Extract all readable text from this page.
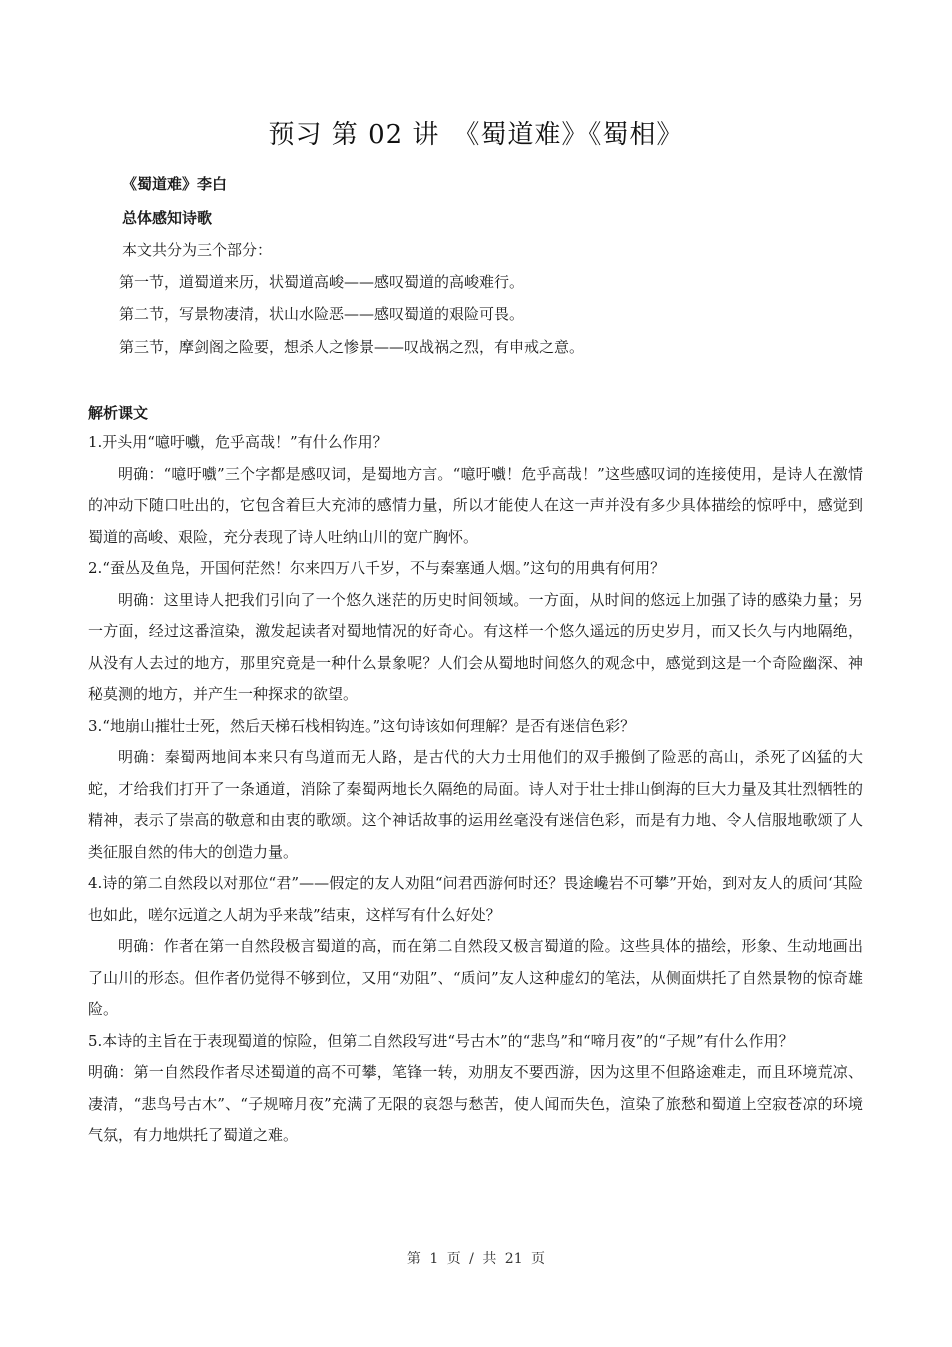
预习 第 02 讲　《蜀道难》《蜀相》
《蜀道难》李白
总体感知诗歌
本文共分为三个部分：
第一节，道蜀道来历，状蜀道高峻——感叹蜀道的高峻难行。
第二节，写景物凄清，状山水险恶——感叹蜀道的艰险可畏。
第三节，摩剑阁之险要，想杀人之惨景——叹战祸之烈，有申戒之意。
解析课文

1.开头用“噫吁嚱，危乎高哉！”有什么作用？

明确：“噫吁嚱”三个字都是感叹词，是蜀地方言。“噫吁嚱！危乎高哉！”这些感叹词的连接使用，是诗人在激情的冲动下随口吐出的，它包含着巨大充沛的感情力量，所以才能使人在这一声并没有多少具体描绘的惊呼中，感觉到蜀道的高峻、艰险，充分表现了诗人吐纳山川的宽广胸怀。

2.“蚕丛及鱼凫，开国何茫然！尔来四万八千岁，不与秦塞通人烟。”这句的用典有何用？

明确：这里诗人把我们引向了一个悠久迷茫的历史时间领域。一方面，从时间的悠远上加强了诗的感染力量；另一方面，经过这番渲染，激发起读者对蜀地情况的好奇心。有这样一个悠久遥远的历史岁月，而又长久与内地隔绝，从没有人去过的地方，那里究竟是一种什么景象呢？人们会从蜀地时间悠久的观念中，感觉到这是一个奇险幽深、神秘莫测的地方，并产生一种探求的欲望。

3.“地崩山摧壮士死，然后天梯石栈相钩连。”这句诗该如何理解？是否有迷信色彩？

明确：秦蜀两地间本来只有鸟道而无人路，是古代的大力士用他们的双手搬倒了险恶的高山，杀死了凶猛的大蛇，才给我们打开了一条通道，消除了秦蜀两地长久隔绝的局面。诗人对于壮士排山倒海的巨大力量及其壮烈牺牲的精神，表示了崇高的敬意和由衷的歌颂。这个神话故事的运用丝毫没有迷信色彩，而是有力地、令人信服地歌颂了人类征服自然的伟大的创造力量。

4.诗的第二自然段以对那位“君”——假定的友人劝阻“问君西游何时还？畏途巉岩不可攀”开始，到对友人的质问‘其险也如此，嗟尔远道之人胡为乎来哉”结束，这样写有什么好处？

明确：作者在第一自然段极言蜀道的高，而在第二自然段又极言蜀道的险。这些具体的描绘，形象、生动地画出了山川的形态。但作者仍觉得不够到位，又用“劝阻”、“质问”友人这种虚幻的笔法，从侧面烘托了自然景物的惊奇雄险。

5.本诗的主旨在于表现蜀道的惊险，但第二自然段写进“号古木”的“悲鸟”和“啼月夜”的“子规”有什么作用？

明确：第一自然段作者尽述蜀道的高不可攀，笔锋一转，劝朋友不要西游，因为这里不但路途难走，而且环境荒凉、凄清，“悲鸟号古木”、“子规啼月夜”充满了无限的哀怨与愁苦，使人闻而失色，渲染了旅愁和蜀道上空寂苍凉的环境气氛，有力地烘托了蜀道之难。

第 1 页 / 共 21 页
